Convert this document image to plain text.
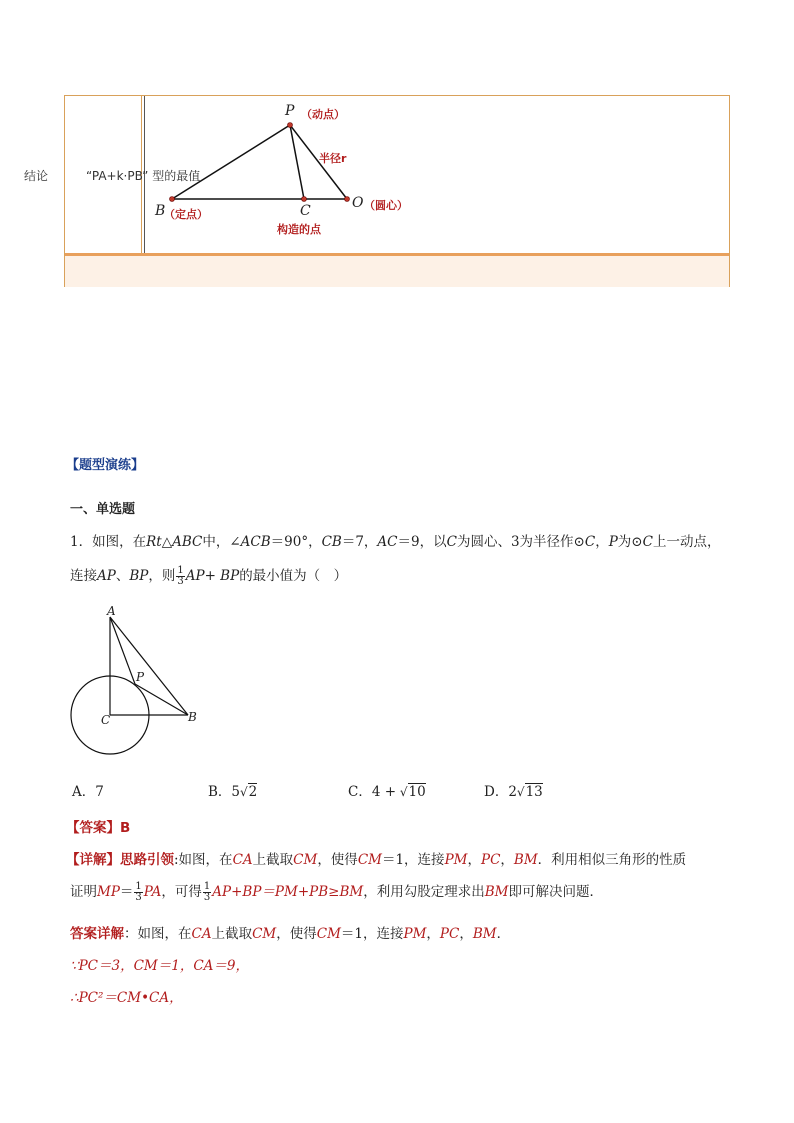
结论	“PA+k·PB” 型的最值
P （动点）
半径r
B
（定点）	C
构造的点
O （圆心）
【题型演练】
一、单选题
1．如图，在Rt△ABC中，∠ACB＝90°，CB＝7，AC＝9，以C为圆心、3为半径作⊙C，P为⊙C上一动点，
连接AP、BP，则 $\frac{1}{3} AP+$ BP的最小值为（　）
A
P
C	B
A．7	B．5√2	C．4 + √10	D．2√13
【答案】B
【详解】思路引领:如图，在CA上截取CM，使得CM＝1，连接PM，PC，BM．利用相似三角形的性质
证明$MP= \frac{1}{3}$ PA，可得 $\frac{1}{3} AP+BP=PM+PB\ge BM$，利用勾股定理求出BM即可解决问题．
答案详解：如图，在CA上截取CM，使得CM＝1，连接PM，PC，BM．
∵PC＝3，CM＝1，CA＝9，
∴PC²＝CM•CA，
